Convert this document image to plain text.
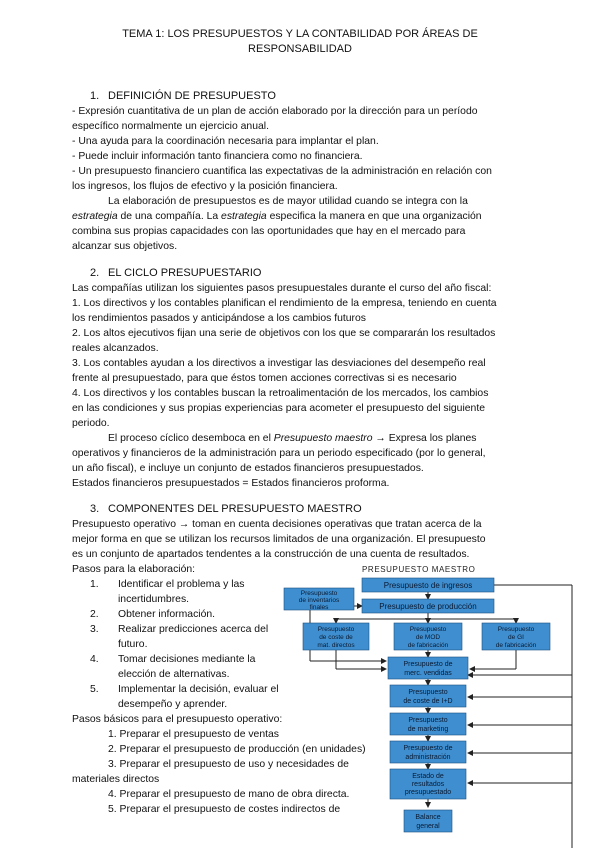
TEMA 1: LOS PRESUPUESTOS Y LA CONTABILIDAD POR ÁREAS DE
RESPONSABILIDAD

1. DEFINICIÓN DE PRESUPUESTO

- Expresión cuantitativa de un plan de acción elaborado por la dirección para un período

específico normalmente un ejercicio anual.

- Una ayuda para la coordinación necesaria para implantar el plan.

- Puede incluir información tanto financiera como no financiera.

- Un presupuesto financiero cuantifica las expectativas de la administración en relación con

los ingresos, los flujos de efectivo y la posición financiera.

La elaboración de presupuestos es de mayor utilidad cuando se integra con la

estrategia de una compañía. La estrategia especifica la manera en que una organización

combina sus propias capacidades con las oportunidades que hay en el mercado para

alcanzar sus objetivos.

2. EL CICLO PRESUPUESTARIO

Las compañías utilizan los siguientes pasos presupuestales durante el curso del año fiscal:

1. Los directivos y los contables planifican el rendimiento de la empresa, teniendo en cuenta

los rendimientos pasados y anticipándose a los cambios futuros

2. Los altos ejecutivos fijan una serie de objetivos con los que se compararán los resultados

reales alcanzados.

3. Los contables ayudan a los directivos a investigar las desviaciones del desempeño real

frente al presupuestado, para que éstos tomen acciones correctivas si es necesario

4. Los directivos y los contables buscan la retroalimentación de los mercados, los cambios

en las condiciones y sus propias experiencias para acometer el presupuesto del siguiente

periodo.

El proceso cíclico desemboca en el Presupuesto maestro → Expresa los planes

operativos y financieros de la administración para un periodo especificado (por lo general,

un año fiscal), e incluye un conjunto de estados financieros presupuestados.

Estados financieros presupuestados = Estados financieros proforma.

3. COMPONENTES DEL PRESUPUESTO MAESTRO

Presupuesto operativo → toman en cuenta decisiones operativas que tratan acerca de la

mejor forma en que se utilizan los recursos limitados de una organización. El presupuesto

es un conjunto de apartados tendentes a la construcción de una cuenta de resultados.

Pasos para la elaboración:

1. Identificar el problema y las

incertidumbres.

2. Obtener información.

3. Realizar predicciones acerca del

futuro.

4. Tomar decisiones mediante la

elección de alternativas.

5. Implementar la decisión, evaluar el

desempeño y aprender.

Pasos básicos para el presupuesto operativo:

1. Preparar el presupuesto de ventas

2. Preparar el presupuesto de producción (en unidades)

3. Preparar el presupuesto de uso y necesidades de

materiales directos

4. Preparar el presupuesto de mano de obra directa.

5. Preparar el presupuesto de costes indirectos de

PRESUPUESTO MAESTRO
Presupuesto de ingresos
Presupuesto
de inventarios
finales	Presupuesto de producción
Presupuesto
de coste de
mat. directos
Presupuesto
de MOD
de fabricación
Presupuesto
de GI
de fabricación
Presupuesto de
merc. vendidas
Presupuesto
de coste de I+D
Presupuesto
de marketing
Presupuesto de
administración
Estado de
resultados
presupuestado
Balance
general
